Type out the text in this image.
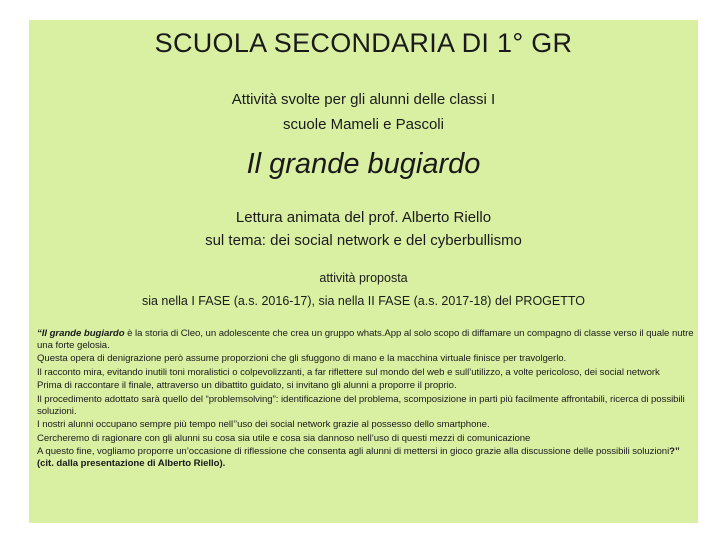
SCUOLA SECONDARIA DI 1° GR
Attività svolte per gli alunni delle classi I
scuole Mameli e Pascoli
Il grande bugiardo
Lettura animata del prof. Alberto Riello
sul tema: dei social network e del cyberbullismo
attività proposta
sia nella I FASE (a.s. 2016-17), sia nella II FASE (a.s. 2017-18) del PROGETTO

“Il grande bugiardo è la storia di Cleo, un adolescente che crea un gruppo whats.App al solo scopo di diffamare un compagno di classe verso il quale nutre una forte gelosia.

Questa opera di denigrazione però assume proporzioni che gli sfuggono di mano e la macchina virtuale finisce per travolgerlo.

Il racconto mira, evitando inutili toni moralistici o colpevolizzanti, a far riflettere sul mondo del web e sull’utilizzo, a volte pericoloso, dei social network

Prima di raccontare il finale, attraverso un dibattito guidato, si invitano gli alunni a proporre il proprio.

Il procedimento adottato sarà quello del “problemsolving”: identificazione del problema, scomposizione in parti più facilmente affrontabili, ricerca di possibili soluzioni.

I nostri alunni occupano sempre più tempo nell’’uso dei social network grazie al possesso dello smartphone.

Cercheremo di ragionare con gli alunni su cosa sia utile e cosa sia dannoso nell’uso di questi mezzi di comunicazione

A questo fine, vogliamo proporre un’occasione di riflessione che consenta agli alunni di mettersi in gioco grazie alla discussione delle possibili soluzioni?” (cit. dalla presentazione di Alberto Riello).
